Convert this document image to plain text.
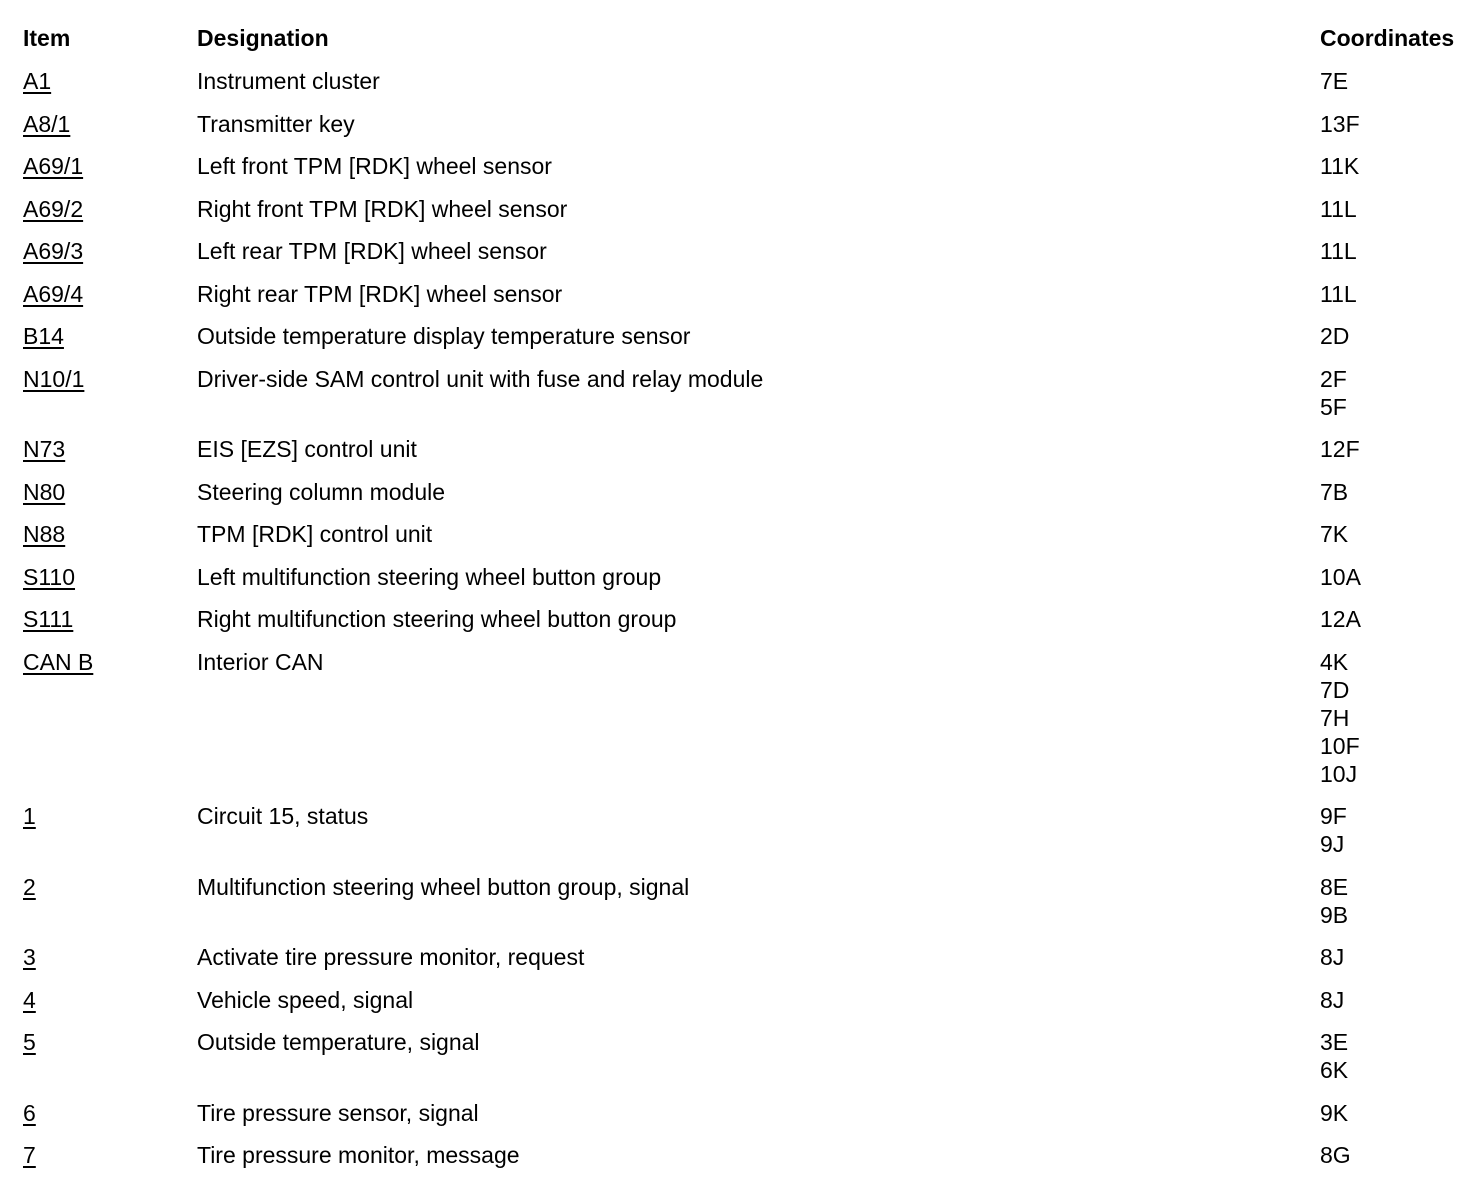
Item	Designation	Coordinates
A1	Instrument cluster	7E
A8/1	Transmitter key	13F
A69/1	Left front TPM [RDK] wheel sensor	11K
A69/2	Right front TPM [RDK] wheel sensor	11L
A69/3	Left rear TPM [RDK] wheel sensor	11L
A69/4	Right rear TPM [RDK] wheel sensor	11L
B14	Outside temperature display temperature sensor	2D
N10/1	Driver-side SAM control unit with fuse and relay module	2F
5F
N73	EIS [EZS] control unit	12F
N80	Steering column module	7B
N88	TPM [RDK] control unit	7K
S110	Left multifunction steering wheel button group	10A
S111	Right multifunction steering wheel button group	12A
CAN B	Interior CAN	4K
7D
7H
10F
10J
1	Circuit 15, status	9F
9J
2	Multifunction steering wheel button group, signal	8E
9B
3	Activate tire pressure monitor, request	8J
4	Vehicle speed, signal	8J
5	Outside temperature, signal	3E
6K
6	Tire pressure sensor, signal	9K
7	Tire pressure monitor, message	8G
